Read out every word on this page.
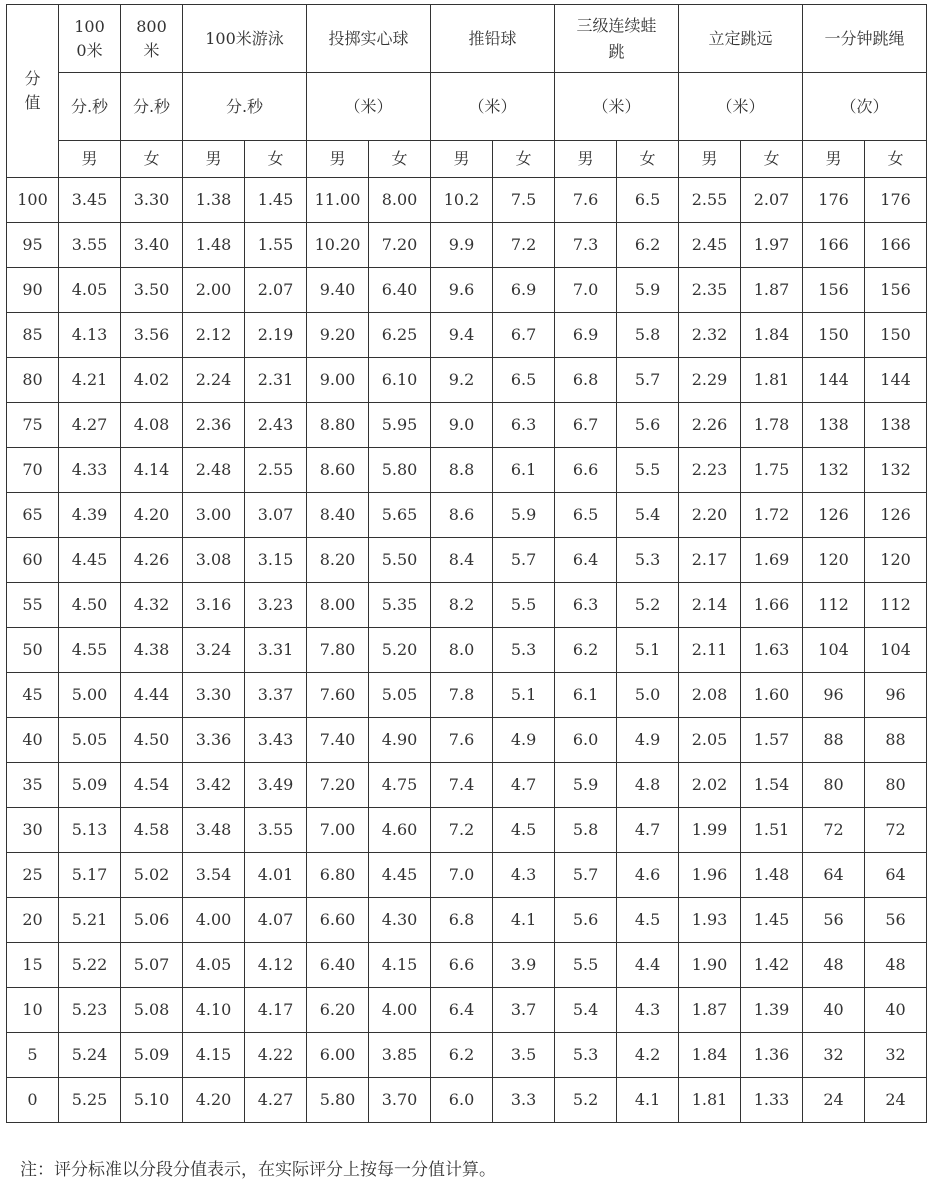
分值	1000米	800米	100米游泳		投掷实心球		推铅球		三级连续蛙跳		立定跳远		一分钟跳绳	
	分.秒	分.秒	分.秒		（米）		（米）		（米）		（米）		（次）	
	男	女	男	女	男	女	男	女	男	女	男	女	男	女
100	3.45	3.30	1.38	1.45	11.00	8.00	10.2	7.5	7.6	6.5	2.55	2.07	176	176
95	3.55	3.40	1.48	1.55	10.20	7.20	9.9	7.2	7.3	6.2	2.45	1.97	166	166
90	4.05	3.50	2.00	2.07	9.40	6.40	9.6	6.9	7.0	5.9	2.35	1.87	156	156
85	4.13	3.56	2.12	2.19	9.20	6.25	9.4	6.7	6.9	5.8	2.32	1.84	150	150
80	4.21	4.02	2.24	2.31	9.00	6.10	9.2	6.5	6.8	5.7	2.29	1.81	144	144
75	4.27	4.08	2.36	2.43	8.80	5.95	9.0	6.3	6.7	5.6	2.26	1.78	138	138
70	4.33	4.14	2.48	2.55	8.60	5.80	8.8	6.1	6.6	5.5	2.23	1.75	132	132
65	4.39	4.20	3.00	3.07	8.40	5.65	8.6	5.9	6.5	5.4	2.20	1.72	126	126
60	4.45	4.26	3.08	3.15	8.20	5.50	8.4	5.7	6.4	5.3	2.17	1.69	120	120
55	4.50	4.32	3.16	3.23	8.00	5.35	8.2	5.5	6.3	5.2	2.14	1.66	112	112
50	4.55	4.38	3.24	3.31	7.80	5.20	8.0	5.3	6.2	5.1	2.11	1.63	104	104
45	5.00	4.44	3.30	3.37	7.60	5.05	7.8	5.1	6.1	5.0	2.08	1.60	96	96
40	5.05	4.50	3.36	3.43	7.40	4.90	7.6	4.9	6.0	4.9	2.05	1.57	88	88
35	5.09	4.54	3.42	3.49	7.20	4.75	7.4	4.7	5.9	4.8	2.02	1.54	80	80
30	5.13	4.58	3.48	3.55	7.00	4.60	7.2	4.5	5.8	4.7	1.99	1.51	72	72
25	5.17	5.02	3.54	4.01	6.80	4.45	7.0	4.3	5.7	4.6	1.96	1.48	64	64
20	5.21	5.06	4.00	4.07	6.60	4.30	6.8	4.1	5.6	4.5	1.93	1.45	56	56
15	5.22	5.07	4.05	4.12	6.40	4.15	6.6	3.9	5.5	4.4	1.90	1.42	48	48
10	5.23	5.08	4.10	4.17	6.20	4.00	6.4	3.7	5.4	4.3	1.87	1.39	40	40
5	5.24	5.09	4.15	4.22	6.00	3.85	6.2	3.5	5.3	4.2	1.84	1.36	32	32
0	5.25	5.10	4.20	4.27	5.80	3.70	6.0	3.3	5.2	4.1	1.81	1.33	24	24
注：评分标准以分段分值表示，在实际评分上按每一分值计算。
